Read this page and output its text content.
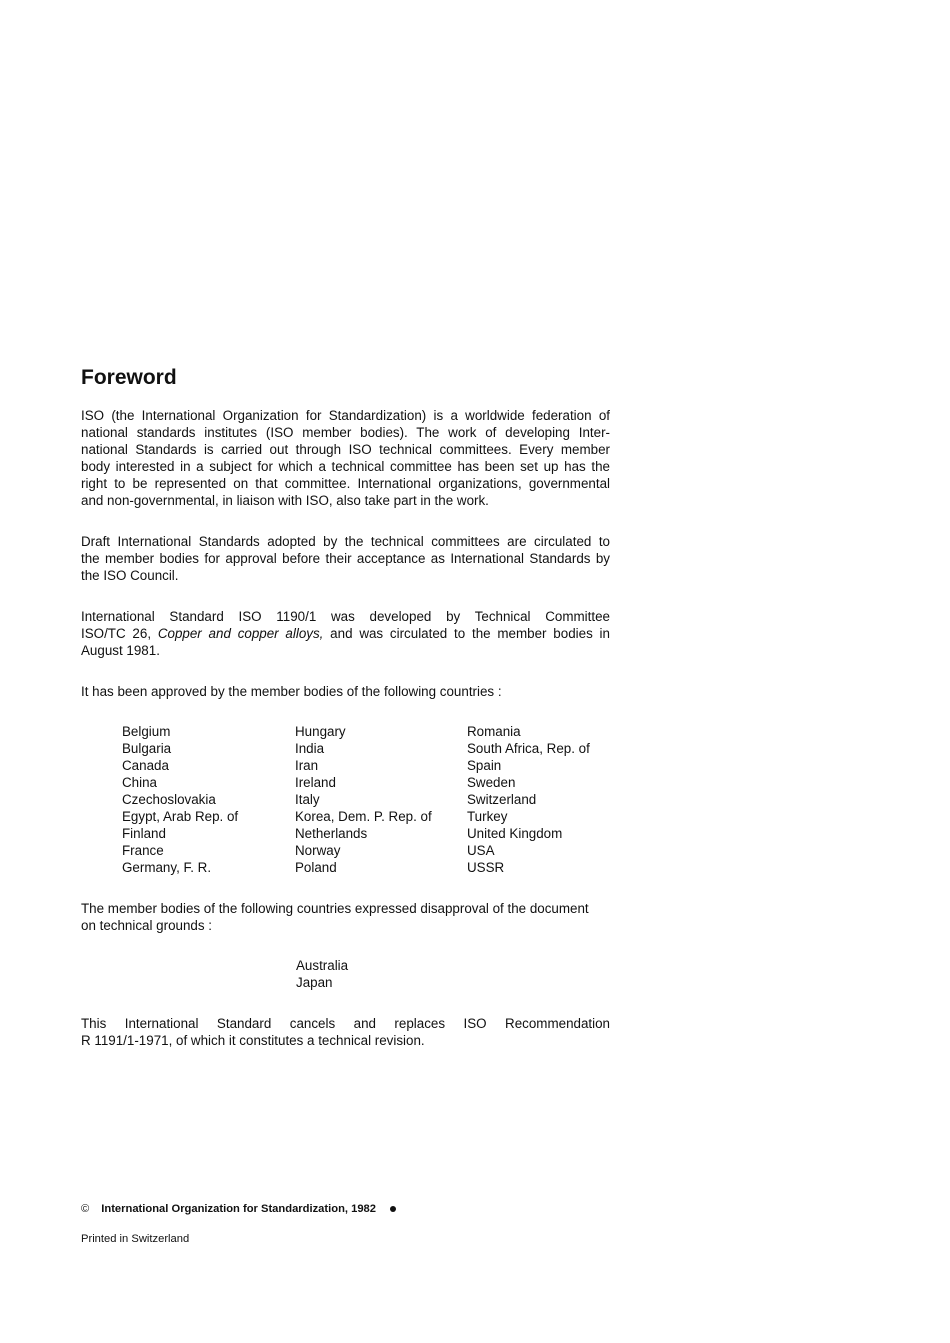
Foreword
ISO (the International Organization for Standardization) is a worldwide federation of
national standards institutes (ISO member bodies). The work of developing Inter-
national Standards is carried out through ISO technical committees. Every member
body interested in a subject for which a technical committee has been set up has the
right to be represented on that committee. International organizations, governmental
and non-governmental, in liaison with ISO, also take part in the work.
Draft International Standards adopted by the technical committees are circulated to
the member bodies for approval before their acceptance as International Standards by
the ISO Council.
International Standard ISO 1190/1 was developed by Technical Committee
ISO/TC 26, Copper and copper alloys, and was circulated to the member bodies in
August 1981.
It has been approved by the member bodies of the following countries :
Belgium
Bulgaria
Canada
China
Czechoslovakia
Egypt, Arab Rep. of
Finland
France
Germany, F. R.
Hungary
India
Iran
Ireland
Italy
Korea, Dem. P. Rep. of
Netherlands
Norway
Poland
Romania
South Africa, Rep. of
Spain
Sweden
Switzerland
Turkey
United Kingdom
USA
USSR
The member bodies of the following countries expressed disapproval of the document
on technical grounds :
Australia
Japan
This International Standard cancels and replaces ISO Recommendation
R 1191/1-1971, of which it constitutes a technical revision.
© International Organization for Standardization, 1982
Printed in Switzerland
